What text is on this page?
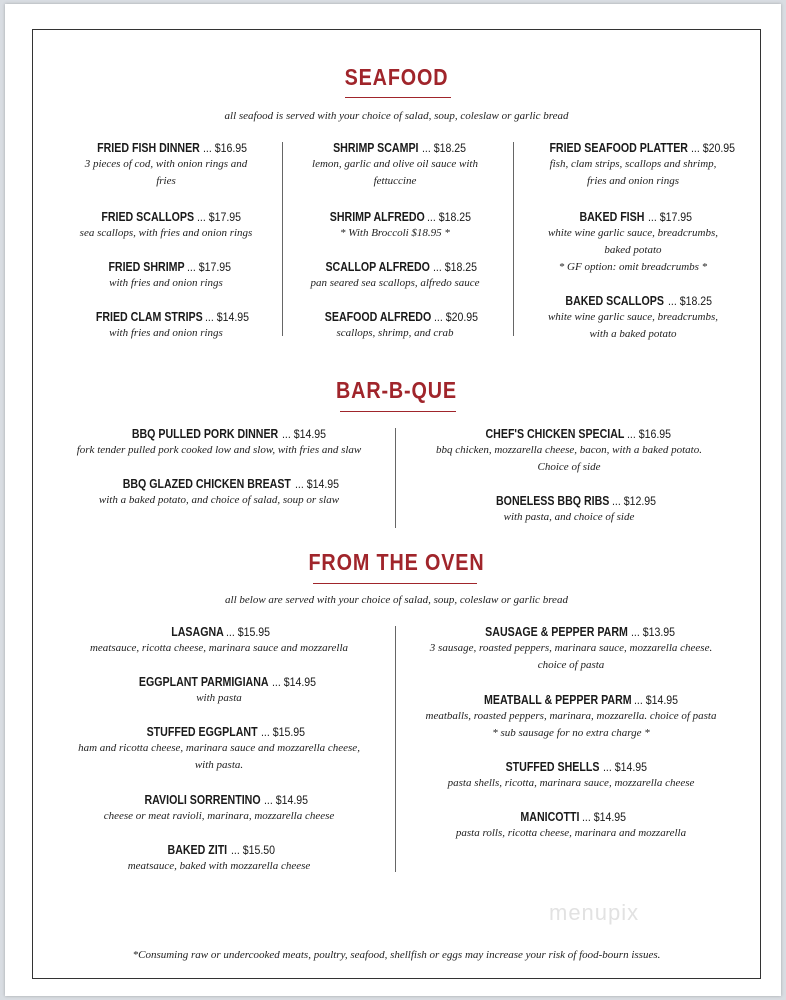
SEAFOOD
all seafood is served with your choice of salad, soup, coleslaw or garlic bread
FRIED FISH DINNER ... $16.95
3 pieces of cod, with onion rings and
fries
FRIED SCALLOPS ... $17.95
sea scallops, with fries and onion rings
FRIED SHRIMP ... $17.95
with fries and onion rings
FRIED CLAM STRIPS ... $14.95
with fries and onion rings
SHRIMP SCAMPI ... $18.25
lemon, garlic and olive oil sauce with
fettuccine
SHRIMP ALFREDO ... $18.25
* With Broccoli $18.95 *
SCALLOP ALFREDO ... $18.25
pan seared sea scallops, alfredo sauce
SEAFOOD ALFREDO ... $20.95
scallops, shrimp, and crab
FRIED SEAFOOD PLATTER ... $20.95
fish, clam strips, scallops and shrimp,
fries and onion rings
BAKED FISH ... $17.95
white wine garlic sauce, breadcrumbs,
baked potato
* GF option: omit breadcrumbs *
BAKED SCALLOPS ... $18.25
white wine garlic sauce, breadcrumbs,
with a baked potato
BAR-B-QUE
BBQ PULLED PORK DINNER ... $14.95
fork tender pulled pork cooked low and slow, with fries and slaw
BBQ GLAZED CHICKEN BREAST ... $14.95
with a baked potato, and choice of salad, soup or slaw
CHEF'S CHICKEN SPECIAL ... $16.95
bbq chicken, mozzarella cheese, bacon, with a baked potato.
Choice of side
BONELESS BBQ RIBS ... $12.95
with pasta, and choice of side
FROM THE OVEN
all below are served with your choice of salad, soup, coleslaw or garlic bread
LASAGNA ... $15.95
meatsauce, ricotta cheese, marinara sauce and mozzarella
EGGPLANT PARMIGIANA ... $14.95
with pasta
STUFFED EGGPLANT ... $15.95
ham and ricotta cheese, marinara sauce and mozzarella cheese,
with pasta.
RAVIOLI SORRENTINO ... $14.95
cheese or meat ravioli, marinara, mozzarella cheese
BAKED ZITI ... $15.50
meatsauce, baked with mozzarella cheese
SAUSAGE & PEPPER PARM ... $13.95
3 sausage, roasted peppers, marinara sauce, mozzarella cheese.
choice of pasta
MEATBALL & PEPPER PARM ... $14.95
meatballs, roasted peppers, marinara, mozzarella. choice of pasta
* sub sausage for no extra charge *
STUFFED SHELLS ... $14.95
pasta shells, ricotta, marinara sauce, mozzarella cheese
MANICOTTI ... $14.95
pasta rolls, ricotta cheese, marinara and mozzarella
*Consuming raw or undercooked meats, poultry, seafood, shellfish or eggs may increase your risk of food-bourn issues.
menupix
